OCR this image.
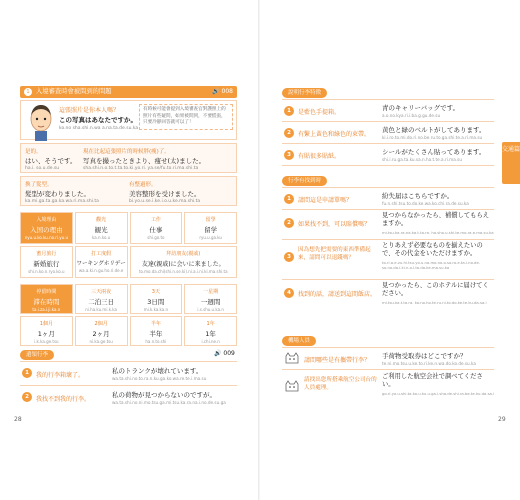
1	入境審查時會被問到的問題	🔊 008
這張照片是你本人嗎？
この写真はあなたですか。
ko.no sha.shi.n.wa a.na.ta.de.su.ka
有時候可能會提到入境審查官對護照上的照片有些疑問，如果被問到，不要慌張，只要冷靜回答就可以了！
是的。
はい、そうです。
ha.i. so.u.de.su
現在比起這張照片的時候胖(瘦)了。
写真を撮ったときより、痩せ(太)ました。
sha.shi.n.o.to.t.ta.to.ki.yo.ri. ya.se/fu.to.ri.ma.shi.ta
換了髮型。
髪型が変わりました。
ka.mi.ga.ta.ga.ka.wa.ri.ma.shi.ta
有整過形。
美容整形を受けました。
bi.yo.u.se.i.ke.i.o.u.ke.ma.shi.ta
入境理由
入国の理由
nyu.u.ko.ku.no.ri.yu.u
觀光
観光
ka.n.ko.u
工作
仕事
shi.go.to
留學
留学
ryu.u.ga.ku
蜜月旅行
新婚旅行
shi.n.ko.n.ryo.ko.u
打工度假
ワーキングホリデー
wa.a.ki.n.gu.ho.ri.de.e
拜訪朋友(親戚)
友達(親戚)に会いに来ました。
to.mo.da.chi(shi.n.se.ki).ni.a.i.ni.ki.ma.shi.ta
停留時間
滞在時間
ta.i.za.i.ji.ka.n
三天兩夜
二泊三日
ni.ha.ku.mi.k.ka
3天
3日間
mi.k.ka.ka.n
一星期
一週間
i.s.shu.u.ka.n
1個月
1ヶ月
i.k.ka.ge.tsu
2個月
2ヶ月
ni.ka.ge.tsu
半年
半年
ha.n.to.shi
1年
1年
i.chi.ne.n
遺領行李	🔊 009
1	我的行李箱壞了。
私のトランクが壊れています。
wa.ta.shi.no.to.ra.n.ku.ga.ko.wa.re.te.i.ma.su
2	我找不到我的行李。
私の荷物が見つからないのですが。
wa.ta.shi.no.ni.mo.tsu.ga.mi.tsu.ka.ra.na.i.no.de.su.ga
28
交通篇
說明行李特徵
1	是藍色手提箱。
青のキャリーバッグです。
a.o.no.kya.ri.i.ba.g.gu.de.su
2	有繫上黃色和綠色的束帶。
黄色と緑のベルトがしてあります。
ki.i.ro.to.mi.do.ri.no.be.ru.to.ga.shi.te.a.ri.ma.su
3	有貼很多貼紙。
シールがたくさん貼ってあります。
shi.i.ru.ga.ta.ku.sa.n.ha.t.te.a.ri.ma.su
行李有找到時
1	請問這是申請單嗎？
紛失届はこちらですか。
fu.n.shi.tsu.to.do.ke.wa.ko.chi.ra.de.su.ka
2	如果找不到，可以賠償嗎？
見つからなかったら、補償してもらえますか。
mi.tsu.ka.ra.na.ka.t.ta.ra. ho.sho.u.shi.te.mo.ra.e.ma.su.ka
3
因為想先把需要的東西準備起來，請問可以退錢嗎？
とりあえず必要なものを揃えたいので、その代金をいただけますか。
to.ri.a.e.zu.hi.tsu.yo.u.na.mo.no.o.so.ro.e.ta.i.no.de. so.no.da.i.ki.n.o.i.ta.da.ke.ma.su.ka
4	找到的話，請送到這間飯店。
見つかったら、このホテルに届けてください。
mi.tsu.ka.t.ta.ra. ko.no.ho.te.ru.ni.to.do.ke.te.ku.da.sa.i
機場人員
請問哪些是有攜帶行李？
手荷物受取券はどこですか？
te.ni.mo.tsu.u.ke.to.ri.ke.n.wa.do.ko.de.su.ka
請找出您所搭乘航空公司台的人員處理。
ご利用した航空会社で調べてください。
go.ri.yo.u.shi.ta.ko.u.ku.u.ga.i.sha.de.shi.ra.be.te.ku.da.sa.i
29
